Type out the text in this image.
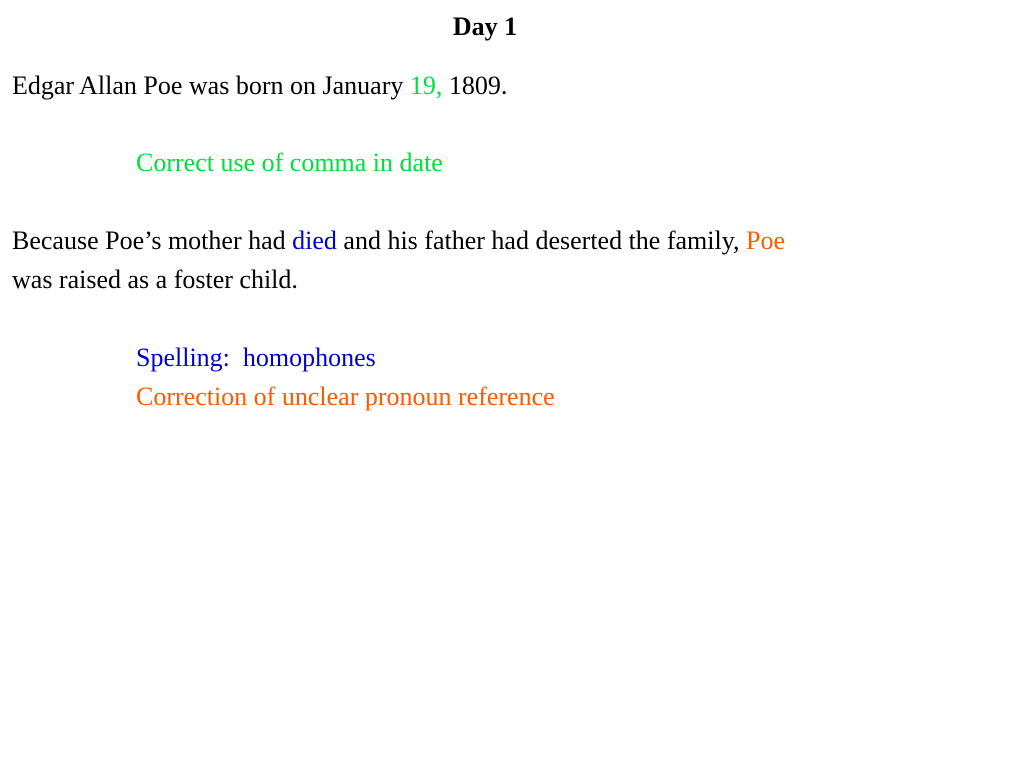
Day 1
Edgar Allan Poe was born on January 19, 1809.
Correct use of comma in date
Because Poe’s mother had died and his father had deserted the family, Poe
was raised as a foster child.
Spelling:  homophones
Correction of unclear pronoun reference
